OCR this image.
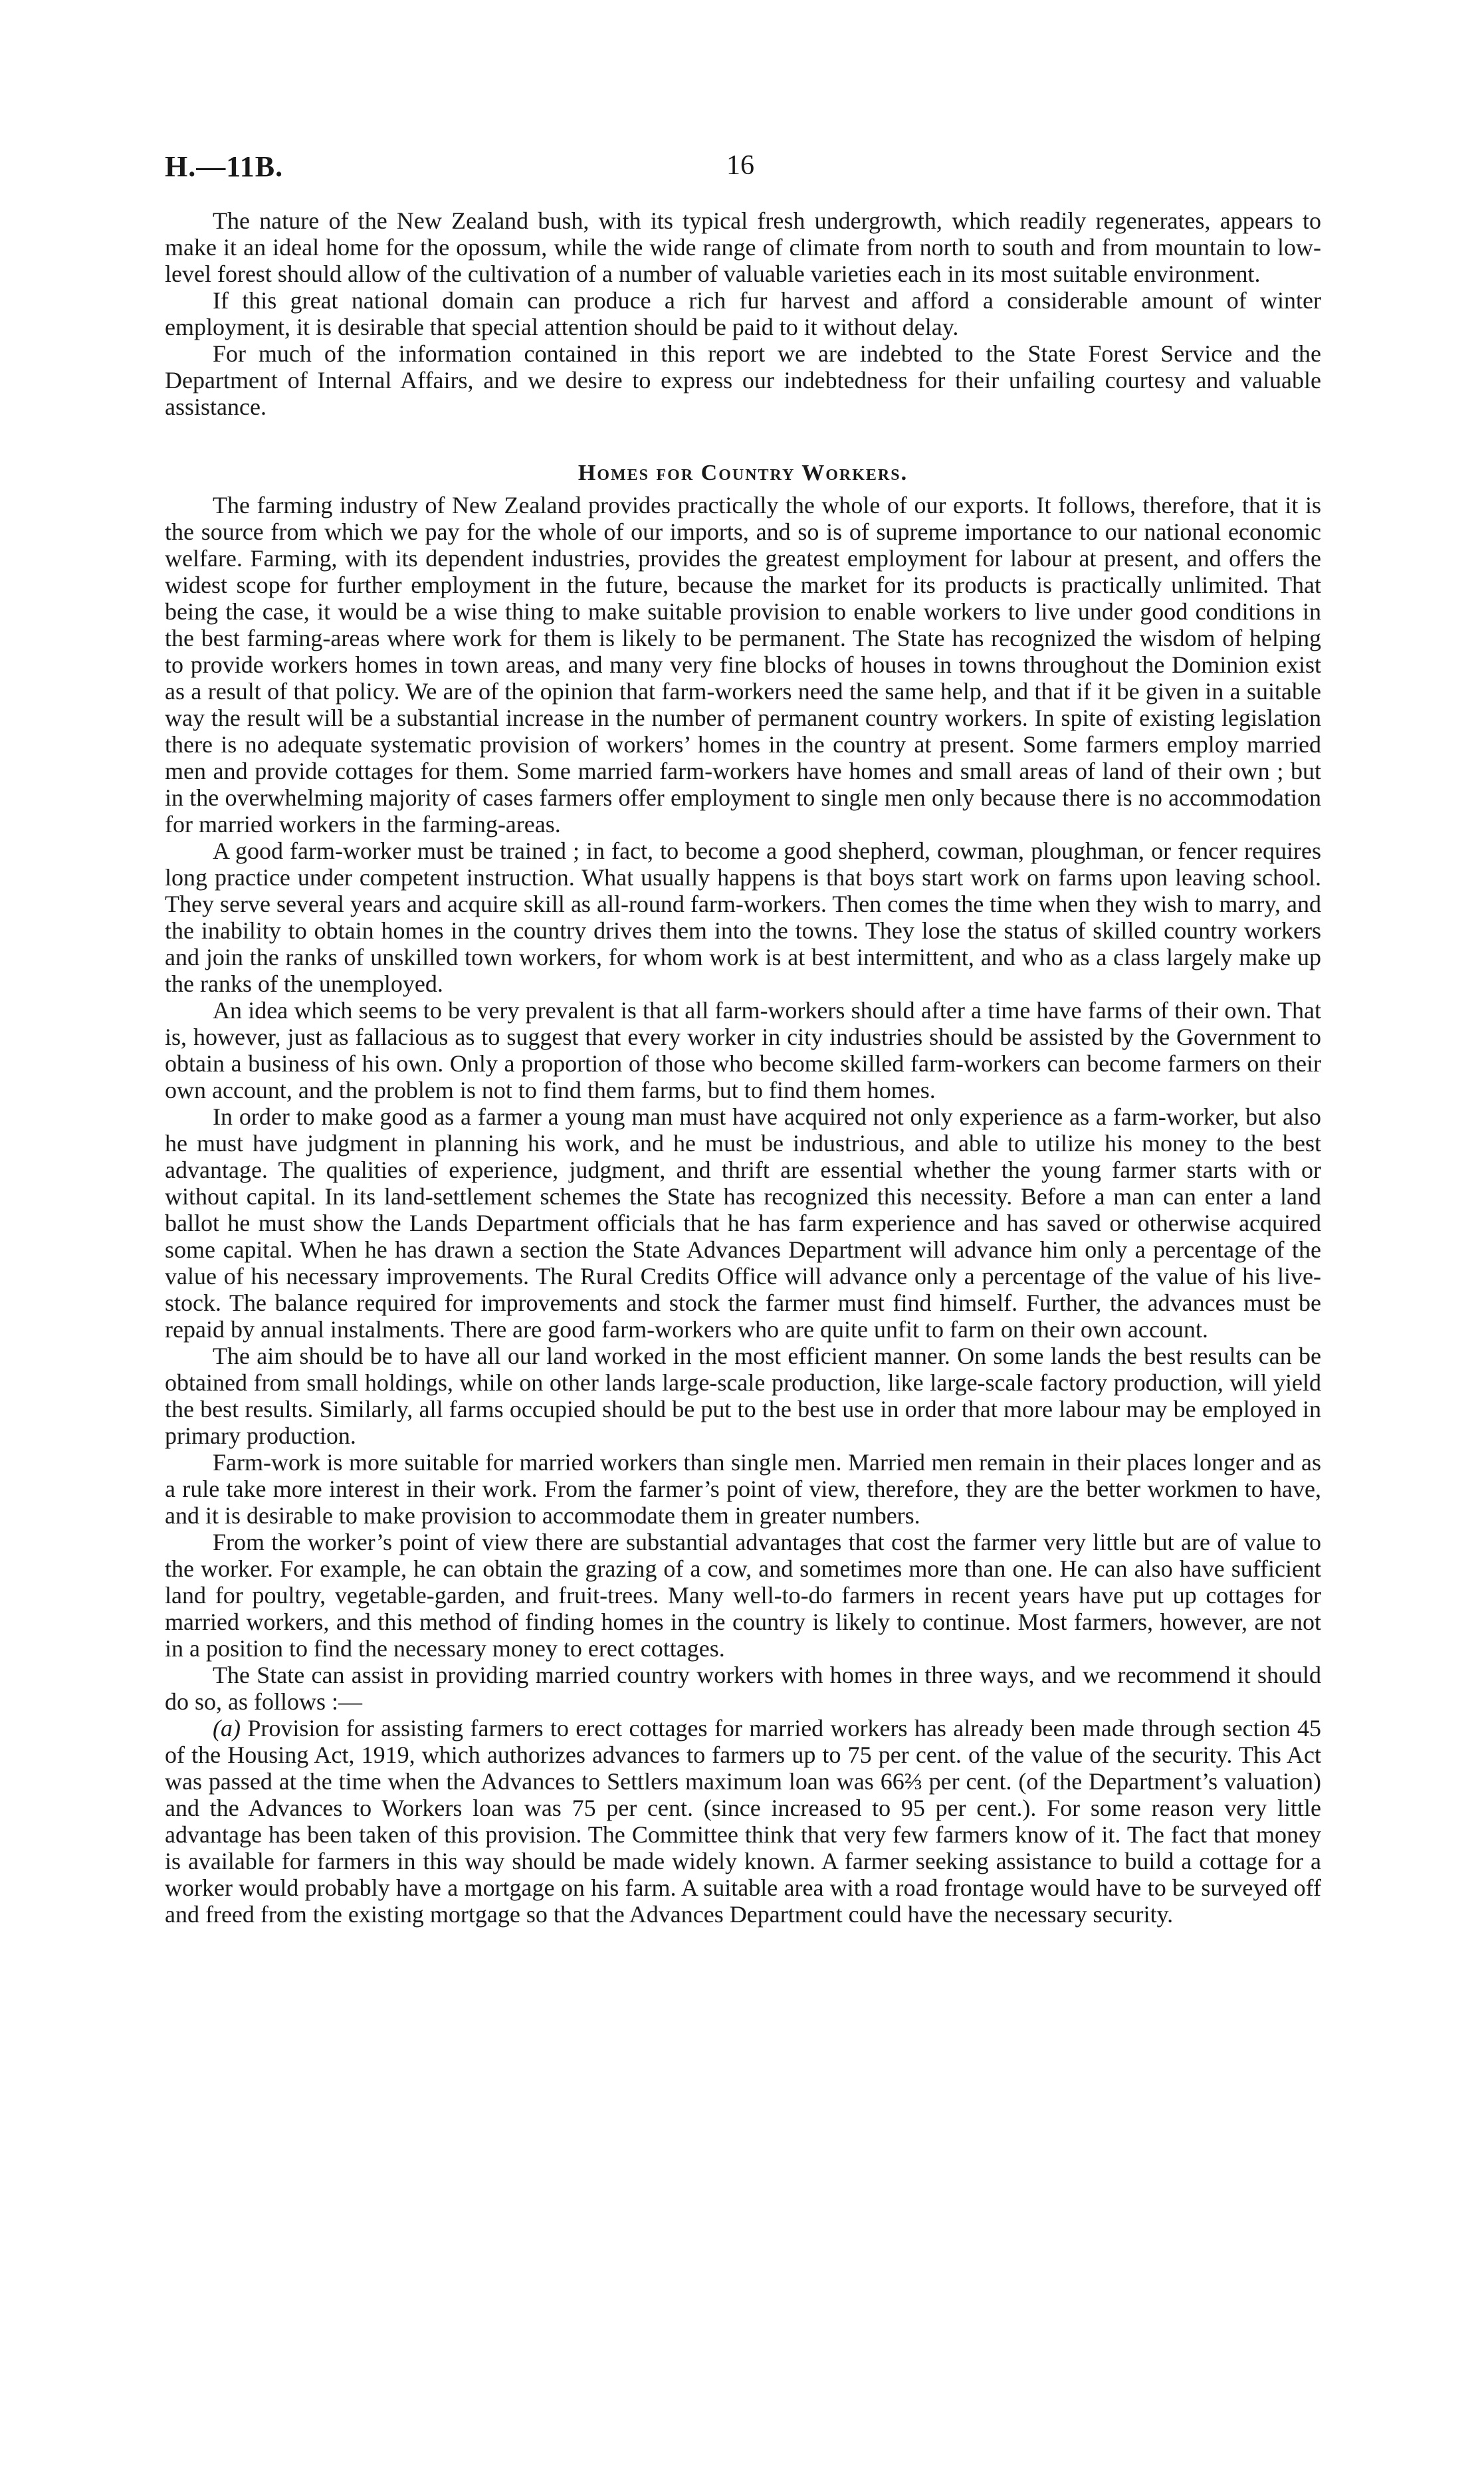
H.—11B.	16

The nature of the New Zealand bush, with its typical fresh undergrowth, which readily regenerates, appears to make it an ideal home for the opossum, while the wide range of climate from north to south and from mountain to low-level forest should allow of the cultivation of a number of valuable varieties each in its most suitable environment.

If this great national domain can produce a rich fur harvest and afford a considerable amount of winter employment, it is desirable that special attention should be paid to it without delay.

For much of the information contained in this report we are indebted to the State Forest Service and the Department of Internal Affairs, and we desire to express our indebtedness for their unfailing courtesy and valuable assistance.

Homes for Country Workers.

The farming industry of New Zealand provides practically the whole of our exports. It follows, therefore, that it is the source from which we pay for the whole of our imports, and so is of supreme importance to our national economic welfare. Farming, with its dependent industries, provides the greatest employment for labour at present, and offers the widest scope for further employment in the future, because the market for its products is practically unlimited. That being the case, it would be a wise thing to make suitable provision to enable workers to live under good conditions in the best farming-areas where work for them is likely to be permanent. The State has recognized the wisdom of helping to provide workers homes in town areas, and many very fine blocks of houses in towns throughout the Dominion exist as a result of that policy. We are of the opinion that farm-workers need the same help, and that if it be given in a suitable way the result will be a substantial increase in the number of permanent country workers. In spite of existing legislation there is no adequate systematic provision of workers’ homes in the country at present. Some farmers employ married men and provide cottages for them. Some married farm-workers have homes and small areas of land of their own ; but in the overwhelming majority of cases farmers offer employment to single men only because there is no accommodation for married workers in the farming-areas.

A good farm-worker must be trained ; in fact, to become a good shepherd, cowman, ploughman, or fencer requires long practice under competent instruction. What usually happens is that boys start work on farms upon leaving school. They serve several years and acquire skill as all-round farm-workers. Then comes the time when they wish to marry, and the inability to obtain homes in the country drives them into the towns. They lose the status of skilled country workers and join the ranks of unskilled town workers, for whom work is at best intermittent, and who as a class largely make up the ranks of the unemployed.

An idea which seems to be very prevalent is that all farm-workers should after a time have farms of their own. That is, however, just as fallacious as to suggest that every worker in city industries should be assisted by the Government to obtain a business of his own. Only a proportion of those who become skilled farm-workers can become farmers on their own account, and the problem is not to find them farms, but to find them homes.

In order to make good as a farmer a young man must have acquired not only experience as a farm-worker, but also he must have judgment in planning his work, and he must be industrious, and able to utilize his money to the best advantage. The qualities of experience, judgment, and thrift are essential whether the young farmer starts with or without capital. In its land-settlement schemes the State has recognized this necessity. Before a man can enter a land ballot he must show the Lands Department officials that he has farm experience and has saved or otherwise acquired some capital. When he has drawn a section the State Advances Department will advance him only a percentage of the value of his necessary improvements. The Rural Credits Office will advance only a percentage of the value of his live-stock. The balance required for improvements and stock the farmer must find himself. Further, the advances must be repaid by annual instalments. There are good farm-workers who are quite unfit to farm on their own account.

The aim should be to have all our land worked in the most efficient manner. On some lands the best results can be obtained from small holdings, while on other lands large-scale production, like large-scale factory production, will yield the best results. Similarly, all farms occupied should be put to the best use in order that more labour may be employed in primary production.

Farm-work is more suitable for married workers than single men. Married men remain in their places longer and as a rule take more interest in their work. From the farmer’s point of view, therefore, they are the better workmen to have, and it is desirable to make provision to accommodate them in greater numbers.

From the worker’s point of view there are substantial advantages that cost the farmer very little but are of value to the worker. For example, he can obtain the grazing of a cow, and sometimes more than one. He can also have sufficient land for poultry, vegetable-garden, and fruit-trees. Many well-to-do farmers in recent years have put up cottages for married workers, and this method of finding homes in the country is likely to continue. Most farmers, however, are not in a position to find the necessary money to erect cottages.

The State can assist in providing married country workers with homes in three ways, and we recommend it should do so, as follows :—

(a) Provision for assisting farmers to erect cottages for married workers has already been made through section 45 of the Housing Act, 1919, which authorizes advances to farmers up to 75 per cent. of the value of the security. This Act was passed at the time when the Advances to Settlers maximum loan was 66⅔ per cent. (of the Department’s valuation) and the Advances to Workers loan was 75 per cent. (since increased to 95 per cent.). For some reason very little advantage has been taken of this provision. The Committee think that very few farmers know of it. The fact that money is available for farmers in this way should be made widely known. A farmer seeking assistance to build a cottage for a worker would probably have a mortgage on his farm. A suitable area with a road frontage would have to be surveyed off and freed from the existing mortgage so that the Advances Department could have the necessary security.
